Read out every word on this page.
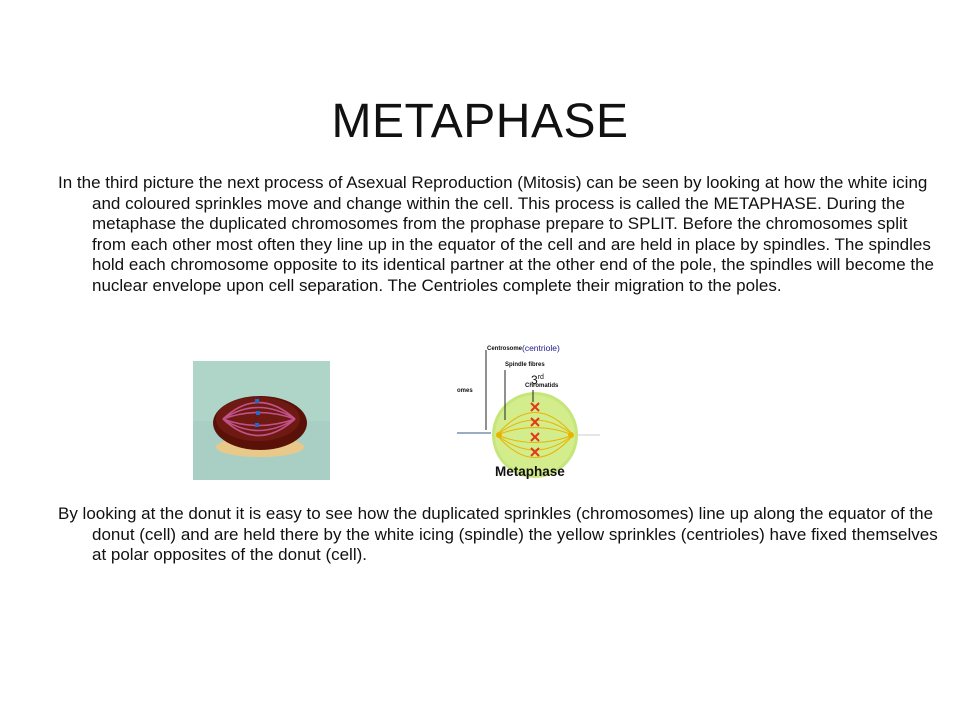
METAPHASE

In the third picture the next process of Asexual Reproduction (Mitosis) can be seen by looking at how the white icing and coloured sprinkles move and change within the cell. This process is called the METAPHASE. During the metaphase the duplicated chromosomes from the prophase prepare to SPLIT. Before the chromosomes split from each other most often they line up in the equator of the cell and are held in place by spindles. The spindles hold each chromosome opposite to its identical partner at the other end of the pole, the spindles will become the nuclear envelope upon cell separation. The Centrioles complete their migration to the poles.

Centrosome (centriole)
Spindle fibres
3rd
Chromatids
omes
Metaphase

By looking at the donut it is easy to see how the duplicated sprinkles (chromosomes) line up along the equator of the donut (cell) and are held there by the white icing (spindle) the yellow sprinkles (centrioles) have fixed themselves at polar opposites of the donut (cell).
